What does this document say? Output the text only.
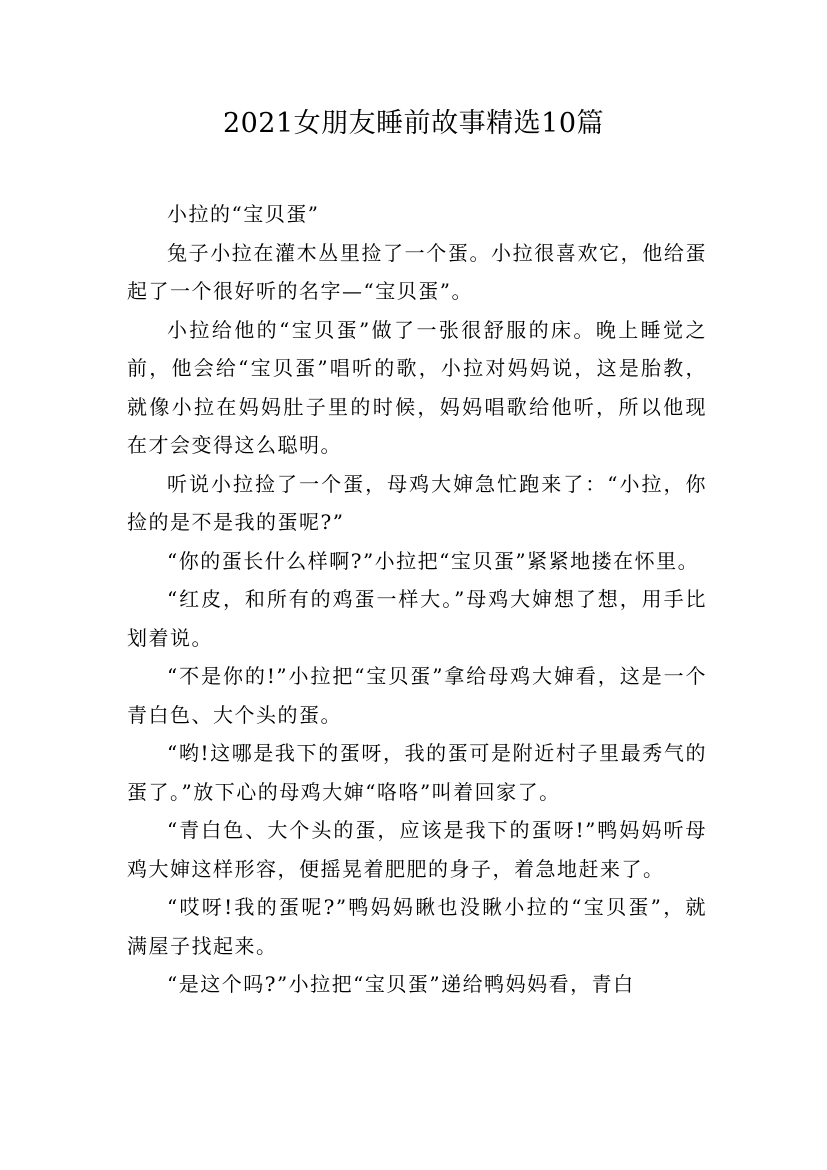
2021女朋友睡前故事精选10篇

小拉的“宝贝蛋”

兔子小拉在灌木丛里捡了一个蛋。小拉很喜欢它，他给蛋起了一个很好听的名字—“宝贝蛋”。

小拉给他的“宝贝蛋”做了一张很舒服的床。晚上睡觉之前，他会给“宝贝蛋”唱听的歌，小拉对妈妈说，这是胎教，就像小拉在妈妈肚子里的时候，妈妈唱歌给他听，所以他现在才会变得这么聪明。

听说小拉捡了一个蛋，母鸡大婶急忙跑来了：“小拉，你捡的是不是我的蛋呢?”

“你的蛋长什么样啊?”小拉把“宝贝蛋”紧紧地搂在怀里。

“红皮，和所有的鸡蛋一样大。”母鸡大婶想了想，用手比划着说。

“不是你的!”小拉把“宝贝蛋”拿给母鸡大婶看，这是一个青白色、大个头的蛋。

“哟!这哪是我下的蛋呀，我的蛋可是附近村子里最秀气的蛋了。”放下心的母鸡大婶“咯咯”叫着回家了。

“青白色、大个头的蛋，应该是我下的蛋呀!”鸭妈妈听母鸡大婶这样形容，便摇晃着肥肥的身子，着急地赶来了。

“哎呀!我的蛋呢?”鸭妈妈瞅也没瞅小拉的“宝贝蛋”，就满屋子找起来。

“是这个吗?”小拉把“宝贝蛋”递给鸭妈妈看，青白
